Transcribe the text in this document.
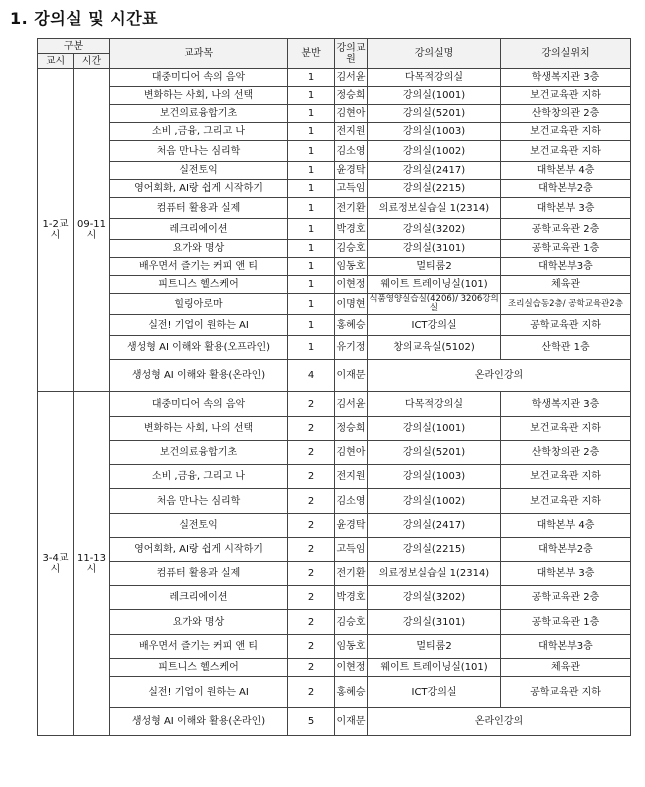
1. 강의실 및 시간표
구분		교과목	분반	강의교원	강의실명	강의실위치
교시	시간					
1-2교시	09-11시	대중미디어 속의 음악	1	김서윤	다목적강의실	학생복지관 3층
		변화하는 사회, 나의 선택	1	정승희	강의실(1001)	보건교육관 지하
		보건의료융합기초	1	김현아	강의실(5201)	산학창의관 2층
		소비 ,금융, 그리고 나	1	전지원	강의실(1003)	보건교육관 지하
		처음 만나는 심리학	1	김소영	강의실(1002)	보건교육관 지하
		실전토익	1	윤경탁	강의실(2417)	대학본부 4층
		영어회화, AI랑 쉽게 시작하기	1	고득임	강의실(2215)	대학본부2층
		컴퓨터 활용과 실제	1	전기환	의료정보실습실 1(2314)	대학본부 3층
		레크리에이션	1	박경호	강의실(3202)	공학교육관 2층
		요가와 명상	1	김승호	강의실(3101)	공학교육관 1층
		배우면서 즐기는 커피 앤 티	1	임동호	멀티룸2	대학본부3층
		피트니스 헬스케어	1	이현정	웨이트 트레이닝실(101)	체육관
		힐링아로마	1	이명현	식품영양실습실(4206)/ 3206강의실	조리실습동2층/ 공학교육관2층
		실전! 기업이 원하는 AI	1	홍혜승	ICT강의실	공학교육관 지하
		생성형 AI 이해와 활용(오프라인)	1	유기정	창의교육실(5102)	산학관 1층
		생성형 AI 이해와 활용(온라인)	4	이재문	온라인강의	
3-4교시	11-13시	대중미디어 속의 음악	2	김서윤	다목적강의실	학생복지관 3층
		변화하는 사회, 나의 선택	2	정승희	강의실(1001)	보건교육관 지하
		보건의료융합기초	2	김현아	강의실(5201)	산학창의관 2층
		소비 ,금융, 그리고 나	2	전지원	강의실(1003)	보건교육관 지하
		처음 만나는 심리학	2	김소영	강의실(1002)	보건교육관 지하
		실전토익	2	윤경탁	강의실(2417)	대학본부 4층
		영어회화, AI랑 쉽게 시작하기	2	고득임	강의실(2215)	대학본부2층
		컴퓨터 활용과 실제	2	전기환	의료정보실습실 1(2314)	대학본부 3층
		레크리에이션	2	박경호	강의실(3202)	공학교육관 2층
		요가와 명상	2	김승호	강의실(3101)	공학교육관 1층
		배우면서 즐기는 커피 앤 티	2	임동호	멀티룸2	대학본부3층
		피트니스 헬스케어	2	이현정	웨이트 트레이닝실(101)	체육관
		실전! 기업이 원하는 AI	2	홍혜승	ICT강의실	공학교육관 지하
		생성형 AI 이해와 활용(온라인)	5	이재문	온라인강의	
